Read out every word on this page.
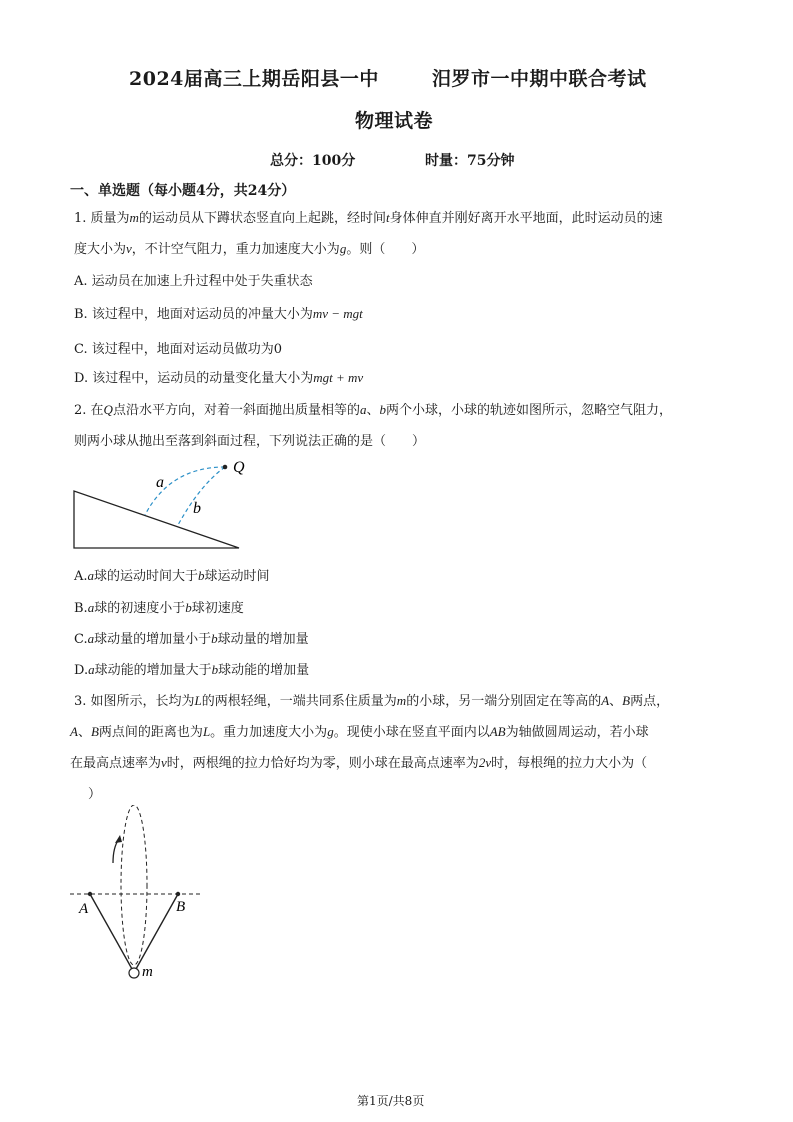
2024届高三上期岳阳县一中	汨罗市一中期中联合考试
物理试卷
总分：100分	时量：75分钟
一、单选题（每小题4分，共24分）
1. 质量为m的运动员从下蹲状态竖直向上起跳，经时间t身体伸直并刚好离开水平地面，此时运动员的速
度大小为v，不计空气阻力，重力加速度大小为g。则（　　）
A. 运动员在加速上升过程中处于失重状态
B. 该过程中，地面对运动员的冲量大小为mv − mgt
C. 该过程中，地面对运动员做功为0
D. 该过程中，运动员的动量变化量大小为mgt + mv
2. 在Q点沿水平方向，对着一斜面抛出质量相等的a、b两个小球，小球的轨迹如图所示，忽略空气阻力，
则两小球从抛出至落到斜面过程，下列说法正确的是（　　）
Q
a
b
A.a球的运动时间大于b球运动时间
B.a球的初速度小于b球初速度
C.a球动量的增加量小于b球动量的增加量
D.a球动能的增加量大于b球动能的增加量
3. 如图所示，长均为L的两根轻绳，一端共同系住质量为m的小球，另一端分别固定在等高的A、B两点，
A、B两点间的距离也为L。重力加速度大小为g。现使小球在竖直平面内以AB为轴做圆周运动，若小球
在最高点速率为v时，两根绳的拉力恰好均为零，则小球在最高点速率为2v时，每根绳的拉力大小为（
）
A	B
m
第1页/共8页
